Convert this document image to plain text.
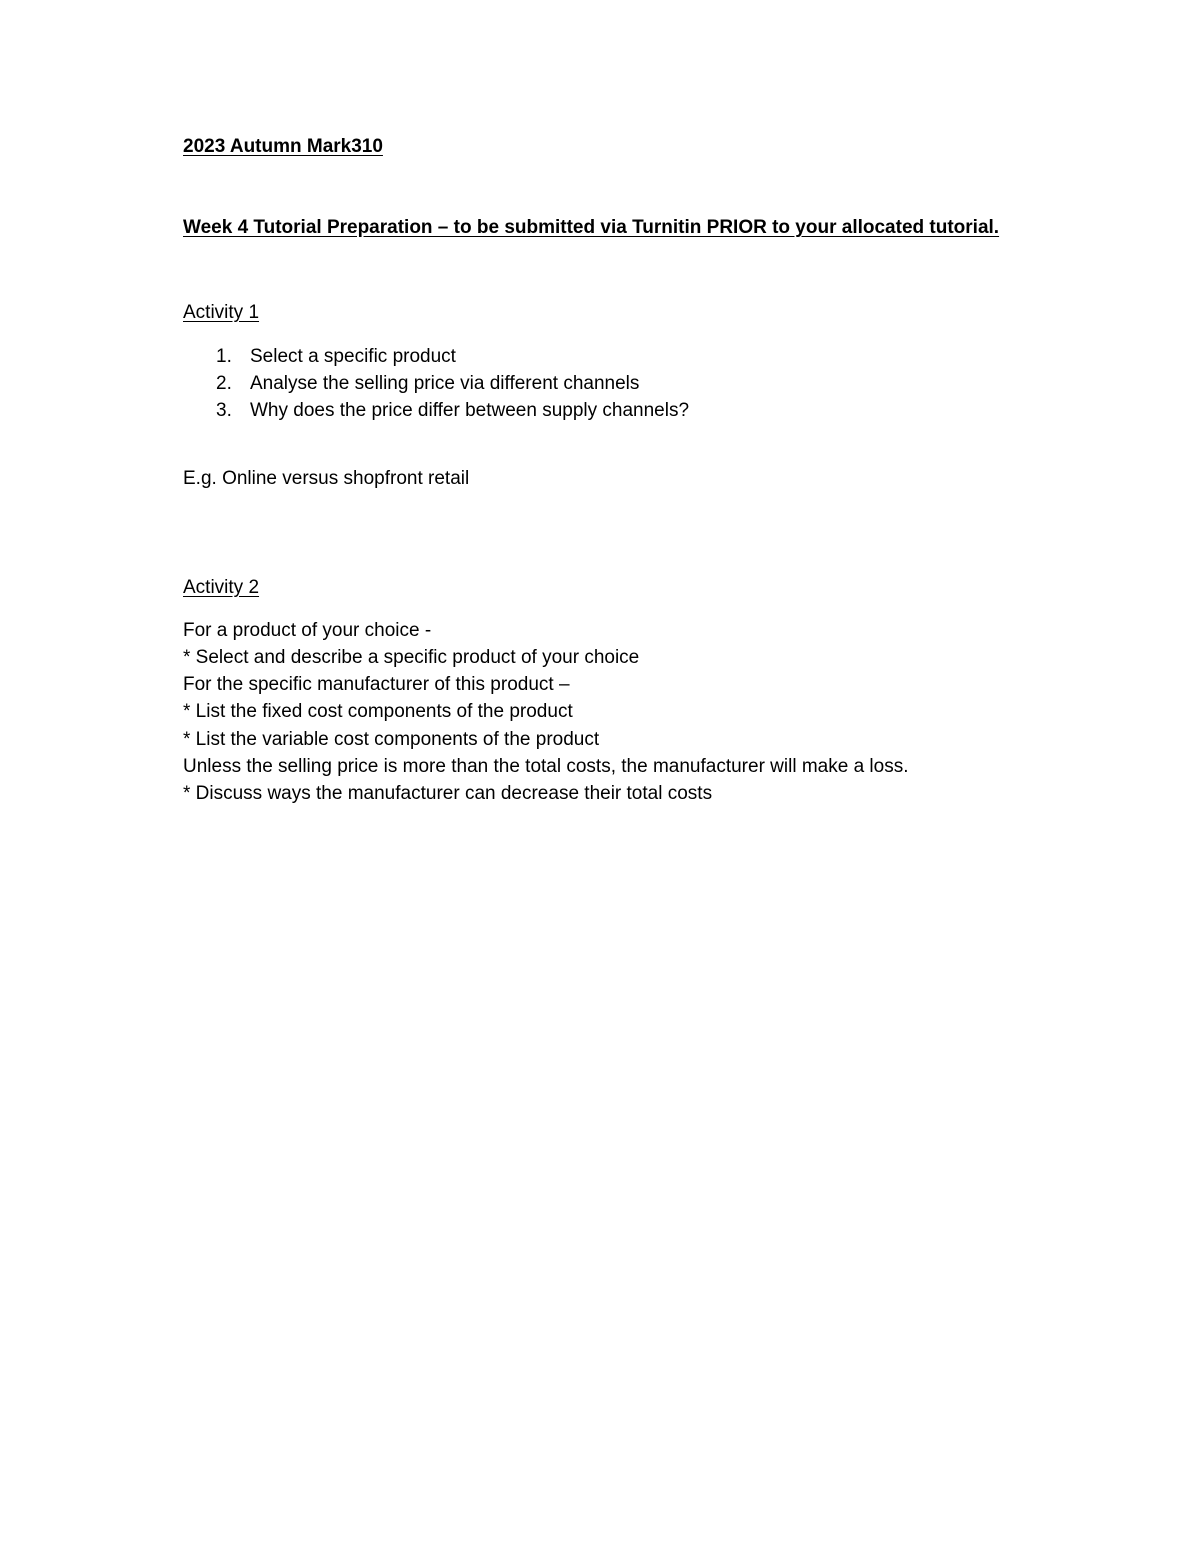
2023 Autumn Mark310
Week 4 Tutorial Preparation – to be submitted via Turnitin PRIOR to your allocated tutorial.
Activity 1
1. Select a specific product
2. Analyse the selling price via different channels
3. Why does the price differ between supply channels?
E.g. Online versus shopfront retail
Activity 2
For a product of your choice -
* Select and describe a specific product of your choice
For the specific manufacturer of this product –
* List the fixed cost components of the product
* List the variable cost components of the product
Unless the selling price is more than the total costs, the manufacturer will make a loss.
* Discuss ways the manufacturer can decrease their total costs
